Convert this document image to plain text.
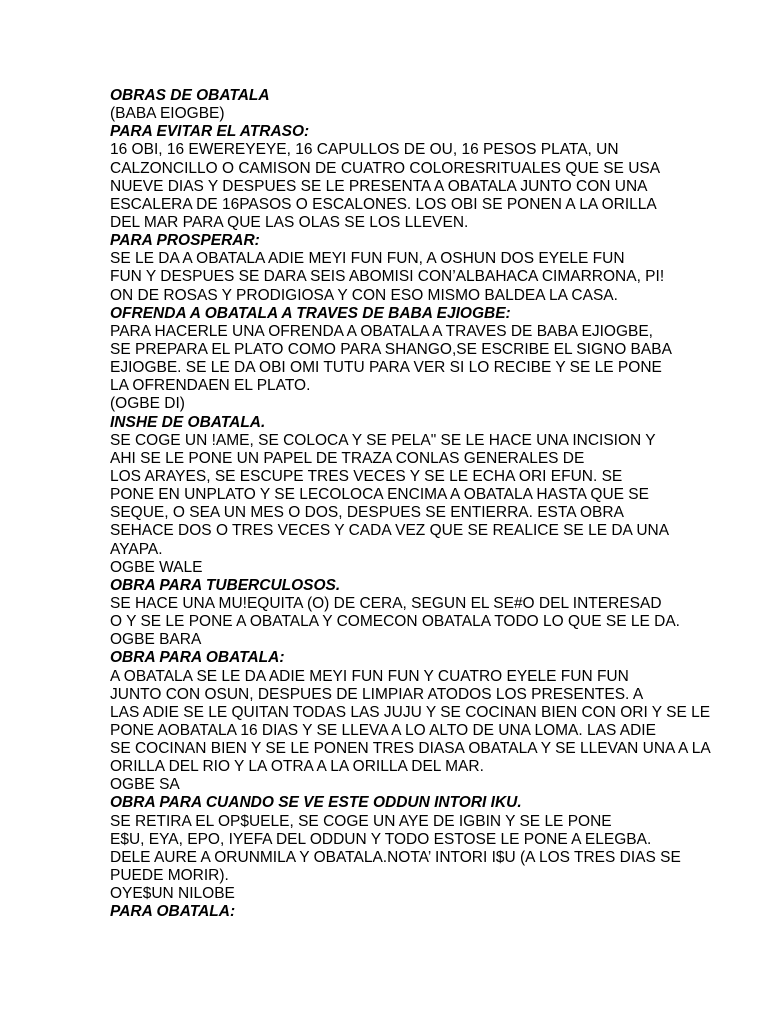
OBRAS DE OBATALA
(BABA EIOGBE)
PARA EVITAR EL ATRASO:
16 OBI, 16 EWEREYEYE, 16 CAPULLOS DE OU, 16 PESOS PLATA, UN
CALZONCILLO O CAMISON DE CUATRO COLORESRITUALES QUE SE USA
NUEVE DIAS Y DESPUES SE LE PRESENTA A OBATALA JUNTO CON UNA
ESCALERA DE 16PASOS O ESCALONES. LOS OBI SE PONEN A LA ORILLA
DEL MAR PARA QUE LAS OLAS SE LOS LLEVEN.
PARA PROSPERAR:
SE LE DA A OBATALA ADIE MEYI FUN FUN, A OSHUN DOS EYELE FUN
FUN Y DESPUES SE DARA SEIS ABOMISI CON’ALBAHACA CIMARRONA, PI!
ON DE ROSAS Y PRODIGIOSA Y CON ESO MISMO BALDEA LA CASA.
OFRENDA A OBATALA A TRAVES DE BABA EJIOGBE:
PARA HACERLE UNA OFRENDA A OBATALA A TRAVES DE BABA EJIOGBE,
SE PREPARA EL PLATO COMO PARA SHANGO,SE ESCRIBE EL SIGNO BABA
EJIOGBE. SE LE DA OBI OMI TUTU PARA VER SI LO RECIBE Y SE LE PONE
LA OFRENDAEN EL PLATO.
(OGBE DI)
INSHE DE OBATALA.
SE COGE UN !AME, SE COLOCA Y SE PELA" SE LE HACE UNA INCISION Y
AHI SE LE PONE UN PAPEL DE TRAZA CONLAS GENERALES DE
LOS ARAYES, SE ESCUPE TRES VECES Y SE LE ECHA ORI EFUN. SE
PONE EN UNPLATO Y SE LECOLOCA ENCIMA A OBATALA HASTA QUE SE
SEQUE, O SEA UN MES O DOS, DESPUES SE ENTIERRA. ESTA OBRA
SEHACE DOS O TRES VECES Y CADA VEZ QUE SE REALICE SE LE DA UNA
AYAPA.
OGBE WALE
OBRA PARA TUBERCULOSOS.
SE HACE UNA MU!EQUITA (O) DE CERA, SEGUN EL SE#O DEL INTERESAD
O Y SE LE PONE A OBATALA Y COMECON OBATALA TODO LO QUE SE LE DA.
OGBE BARA
OBRA PARA OBATALA:
A OBATALA SE LE DA ADIE MEYI FUN FUN Y CUATRO EYELE FUN FUN
JUNTO CON OSUN, DESPUES DE LIMPIAR ATODOS LOS PRESENTES. A
LAS ADIE SE LE QUITAN TODAS LAS JUJU Y SE COCINAN BIEN CON ORI Y SE LE
PONE AOBATALA 16 DIAS Y SE LLEVA A LO ALTO DE UNA LOMA. LAS ADIE
SE COCINAN BIEN Y SE LE PONEN TRES DIASA OBATALA Y SE LLEVAN UNA A LA
ORILLA DEL RIO Y LA OTRA A LA ORILLA DEL MAR.
OGBE SA
OBRA PARA CUANDO SE VE ESTE ODDUN INTORI IKU.
SE RETIRA EL OP$UELE, SE COGE UN AYE DE IGBIN Y SE LE PONE
E$U, EYA, EPO, IYEFA DEL ODDUN Y TODO ESTOSE LE PONE A ELEGBA.
DELE AURE A ORUNMILA Y OBATALA.NOTA’ INTORI I$U (A LOS TRES DIAS SE
PUEDE MORIR).
OYE$UN NILOBE
PARA OBATALA:
